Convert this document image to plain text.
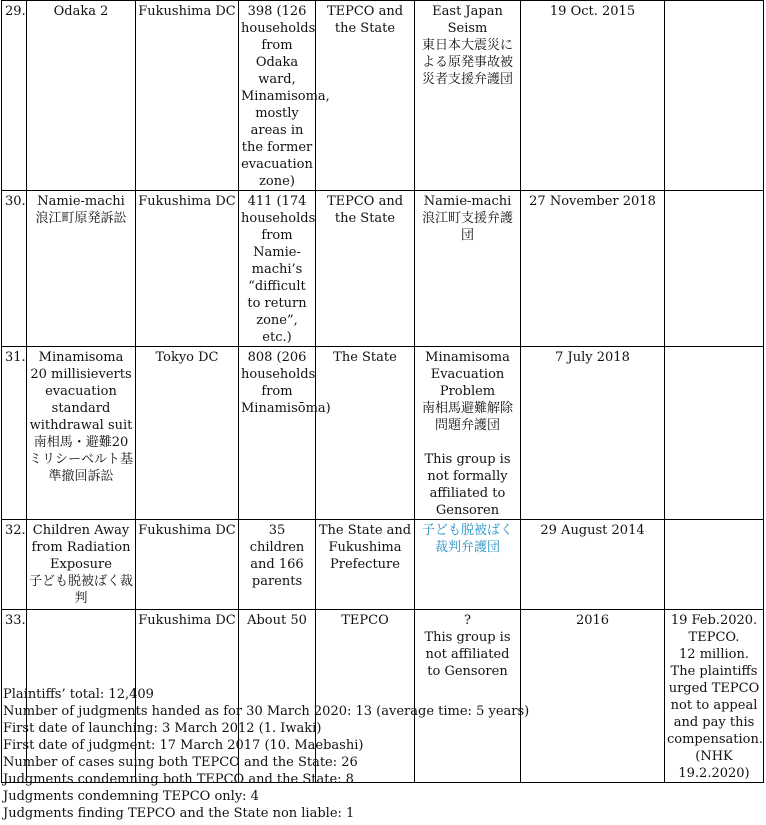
29.	Odaka 2	Fukushima DC	398 (126 households from Odaka ward, Minamisoma, mostly areas in the former evacuation zone)	TEPCO and the State	East Japan Seism
東日本大震災による原発事故被災者支援弁護団	19 Oct. 2015	
30.	Namie-machi
浪江町原発訴訟	Fukushima DC	411 (174 households from Namie-machi’s “difficult to return zone”, etc.)	TEPCO and the State	Namie-machi
浪江町支援弁護団	27 November 2018	
31.	Minamisoma 20 millisieverts evacuation standard withdrawal suit
南相馬・避難20ミリシーベルト基準撤回訴訟	Tokyo DC	808 (206 households from Minamisōma)	The State	Minamisoma Evacuation Problem
南相馬避難解除問題弁護団
This group is not formally affiliated to Gensoren	7 July 2018	
32.	Children Away from Radiation Exposure
子ども脱被ばく裁判	Fukushima DC	35 children and 166 parents	The State and Fukushima Prefecture	子ども脱被ばく裁判弁護団	29 August 2014	
33.		Fukushima DC	About 50	TEPCO	?
This group is not affiliated to Gensoren	2016	19 Feb.2020.
TEPCO.
12 million.
The plaintiffs urged TEPCO not to appeal and pay this compensation.
(NHK 19.2.2020)
Plaintiffs’ total: 12,409
Number of judgments handed as for 30 March 2020: 13 (average time: 5 years)
First date of launching: 3 March 2012 (1. Iwaki)
First date of judgment: 17 March 2017 (10. Maebashi)
Number of cases suing both TEPCO and the State: 26
Judgments condemning both TEPCO and the State: 8
Judgments condemning TEPCO only: 4
Judgments finding TEPCO and the State non liable: 1
